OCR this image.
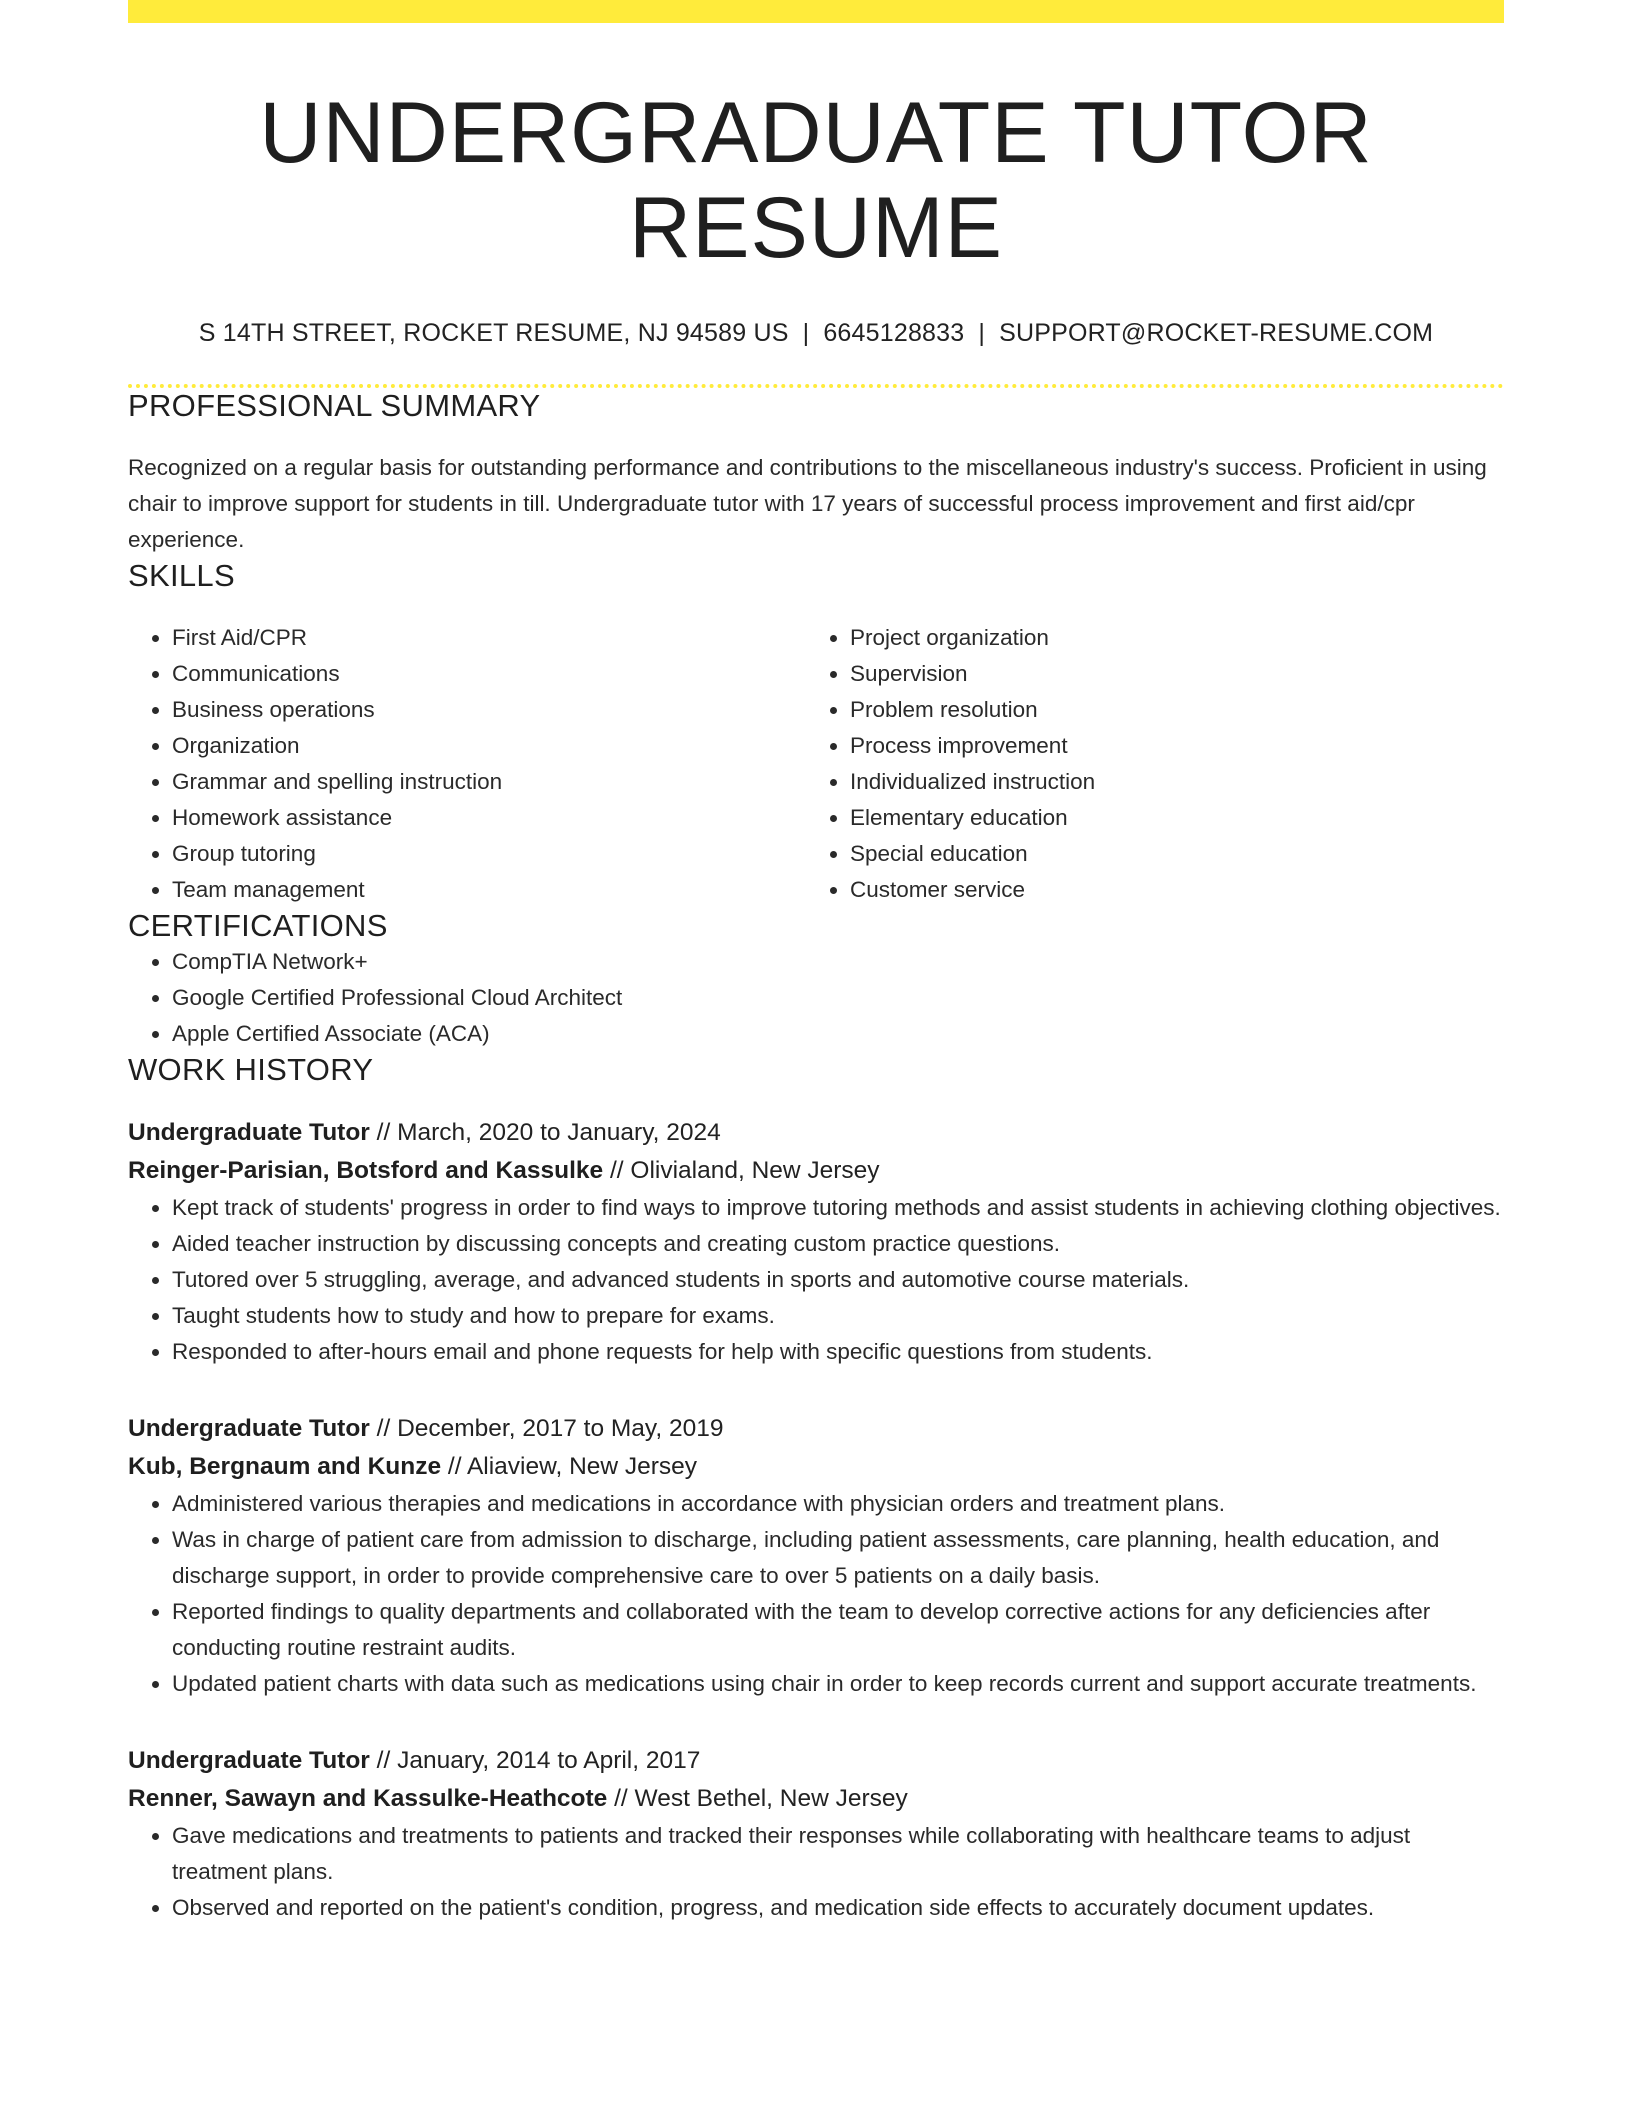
UNDERGRADUATE TUTOR RESUME
S 14TH STREET, ROCKET RESUME, NJ 94589 US | 6645128833 | SUPPORT@ROCKET-RESUME.COM
PROFESSIONAL SUMMARY

Recognized on a regular basis for outstanding performance and contributions to the miscellaneous industry's success. Proficient in using chair to improve support for students in till. Undergraduate tutor with 17 years of successful process improvement and first aid/cpr experience.

SKILLS
• First Aid/CPR
• Communications
• Business operations
• Organization
• Grammar and spelling instruction
• Homework assistance
• Group tutoring
• Team management
• Project organization
• Supervision
• Problem resolution
• Process improvement
• Individualized instruction
• Elementary education
• Special education
• Customer service
CERTIFICATIONS
• CompTIA Network+
• Google Certified Professional Cloud Architect
• Apple Certified Associate (ACA)
WORK HISTORY
Undergraduate Tutor // March, 2020 to January, 2024
Reinger-Parisian, Botsford and Kassulke // Olivialand, New Jersey
• Kept track of students' progress in order to find ways to improve tutoring methods and assist students in achieving clothing objectives.
• Aided teacher instruction by discussing concepts and creating custom practice questions.
• Tutored over 5 struggling, average, and advanced students in sports and automotive course materials.
• Taught students how to study and how to prepare for exams.
• Responded to after-hours email and phone requests for help with specific questions from students.
Undergraduate Tutor // December, 2017 to May, 2019
Kub, Bergnaum and Kunze // Aliaview, New Jersey
• Administered various therapies and medications in accordance with physician orders and treatment plans.
• Was in charge of patient care from admission to discharge, including patient assessments, care planning, health education, and discharge support, in order to provide comprehensive care to over 5 patients on a daily basis.
• Reported findings to quality departments and collaborated with the team to develop corrective actions for any deficiencies after conducting routine restraint audits.
• Updated patient charts with data such as medications using chair in order to keep records current and support accurate treatments.
Undergraduate Tutor // January, 2014 to April, 2017
Renner, Sawayn and Kassulke-Heathcote // West Bethel, New Jersey
• Gave medications and treatments to patients and tracked their responses while collaborating with healthcare teams to adjust treatment plans.
• Observed and reported on the patient's condition, progress, and medication side effects to accurately document updates.
